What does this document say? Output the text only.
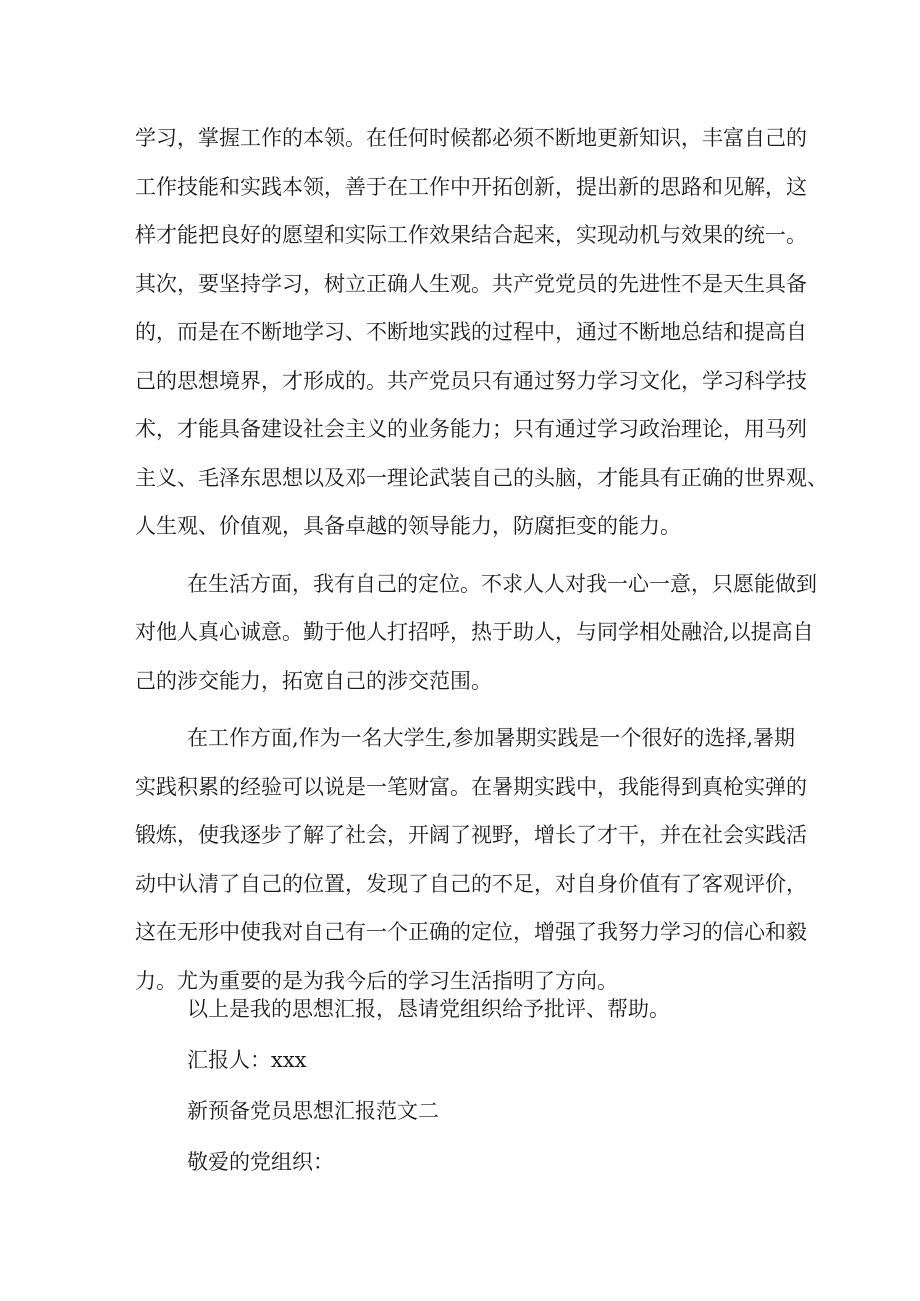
学习，掌握工作的本领。在任何时候都必须不断地更新知识，丰富自己的
工作技能和实践本领，善于在工作中开拓创新，提出新的思路和见解，这
样才能把良好的愿望和实际工作效果结合起来，实现动机与效果的统一。
其次，要坚持学习，树立正确人生观。共产党党员的先进性不是天生具备
的，而是在不断地学习、不断地实践的过程中，通过不断地总结和提高自
己的思想境界，才形成的。共产党员只有通过努力学习文化，学习科学技
术，才能具备建设社会主义的业务能力；只有通过学习政治理论，用马列
主义、毛泽东思想以及邓一理论武装自己的头脑，才能具有正确的世界观、
人生观、价值观，具备卓越的领导能力，防腐拒变的能力。
在生活方面，我有自己的定位。不求人人对我一心一意，只愿能做到
对他人真心诚意。勤于他人打招呼，热于助人，与同学相处融洽,以提高自
己的涉交能力，拓宽自己的涉交范围。
在工作方面,作为一名大学生,参加暑期实践是一个很好的选择,暑期
实践积累的经验可以说是一笔财富。在暑期实践中，我能得到真枪实弹的
锻炼，使我逐步了解了社会，开阔了视野，增长了才干，并在社会实践活
动中认清了自己的位置，发现了自己的不足，对自身价值有了客观评价，
这在无形中使我对自己有一个正确的定位，增强了我努力学习的信心和毅
力。尤为重要的是为我今后的学习生活指明了方向。
以上是我的思想汇报，恳请党组织给予批评、帮助。
汇报人：xxx
新预备党员思想汇报范文二
敬爱的党组织：
